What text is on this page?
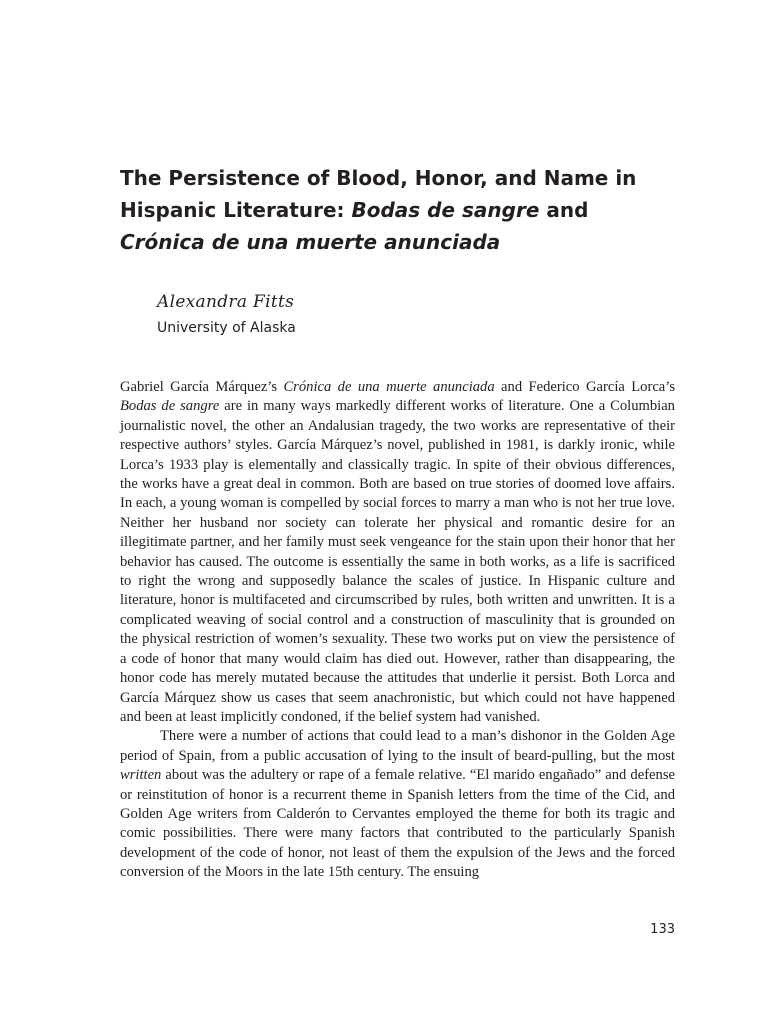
The Persistence of Blood, Honor, and Name in Hispanic Literature: Bodas de sangre and Crónica de una muerte anunciada
Alexandra Fitts
University of Alaska

Gabriel García Márquez’s Crónica de una muerte anunciada and Federico García Lorca’s Bodas de sangre are in many ways markedly different works of literature. One a Columbian journalistic novel, the other an Andalusian tragedy, the two works are representative of their respective authors’ styles. García Márquez’s novel, published in 1981, is darkly ironic, while Lorca’s 1933 play is elementally and classically tragic. In spite of their obvious differences, the works have a great deal in common. Both are based on true stories of doomed love affairs. In each, a young woman is compelled by social forces to marry a man who is not her true love. Neither her husband nor society can tolerate her physical and romantic desire for an illegitimate partner, and her family must seek vengeance for the stain upon their honor that her behavior has caused. The outcome is essentially the same in both works, as a life is sacrificed to right the wrong and supposedly balance the scales of justice. In Hispanic culture and literature, honor is multifaceted and circumscribed by rules, both written and unwritten. It is a complicated weaving of social control and a construction of masculinity that is grounded on the physical restriction of women’s sexuality. These two works put on view the persistence of a code of honor that many would claim has died out. However, rather than disappearing, the honor code has merely mutated because the attitudes that underlie it persist. Both Lorca and García Márquez show us cases that seem anachronistic, but which could not have happened and been at least implicitly condoned, if the belief system had vanished.

There were a number of actions that could lead to a man’s dishonor in the Golden Age period of Spain, from a public accusation of lying to the insult of beard-pulling, but the most written about was the adultery or rape of a female relative. “El marido engañado” and defense or reinstitution of honor is a recurrent theme in Spanish letters from the time of the Cid, and Golden Age writers from Calderón to Cervantes employed the theme for both its tragic and comic possibilities. There were many factors that contributed to the particularly Spanish development of the code of honor, not least of them the expulsion of the Jews and the forced conversion of the Moors in the late 15th century. The ensuing

133
